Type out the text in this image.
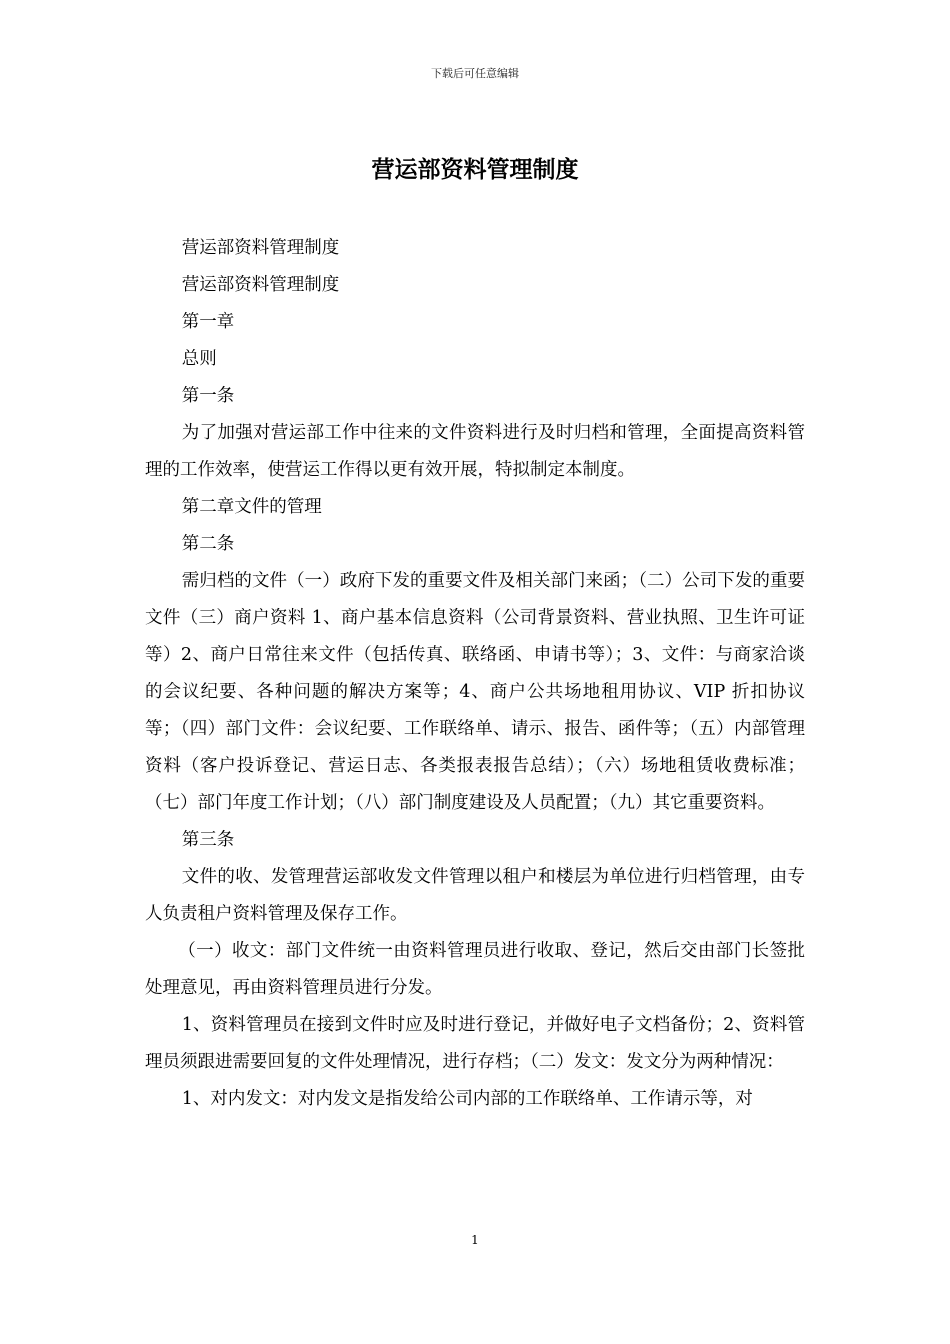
下载后可任意编辑
营运部资料管理制度

营运部资料管理制度

营运部资料管理制度

第一章

总则

第一条

为了加强对营运部工作中往来的文件资料进行及时归档和管理，全面提高资料管理的工作效率，使营运工作得以更有效开展，特拟制定本制度。

第二章文件的管理

第二条

需归档的文件（一）政府下发的重要文件及相关部门来函；（二）公司下发的重要文件（三）商户资料 1、商户基本信息资料（公司背景资料、营业执照、卫生许可证等）2、商户日常往来文件（包括传真、联络函、申请书等）；3、文件：与商家洽谈的会议纪要、各种问题的解决方案等；4、商户公共场地租用协议、VIP 折扣协议等；（四）部门文件：会议纪要、工作联络单、请示、报告、函件等；（五）内部管理资料（客户投诉登记、营运日志、各类报表报告总结）；（六）场地租赁收费标准；（七）部门年度工作计划；（八）部门制度建设及人员配置；（九）其它重要资料。

第三条

文件的收、发管理营运部收发文件管理以租户和楼层为单位进行归档管理，由专人负责租户资料管理及保存工作。

（一）收文：部门文件统一由资料管理员进行收取、登记，然后交由部门长签批处理意见，再由资料管理员进行分发。

1、资料管理员在接到文件时应及时进行登记，并做好电子文档备份；2、资料管理员须跟进需要回复的文件处理情况，进行存档；（二）发文：发文分为两种情况：

1、对内发文：对内发文是指发给公司内部的工作联络单、工作请示等，对

1
